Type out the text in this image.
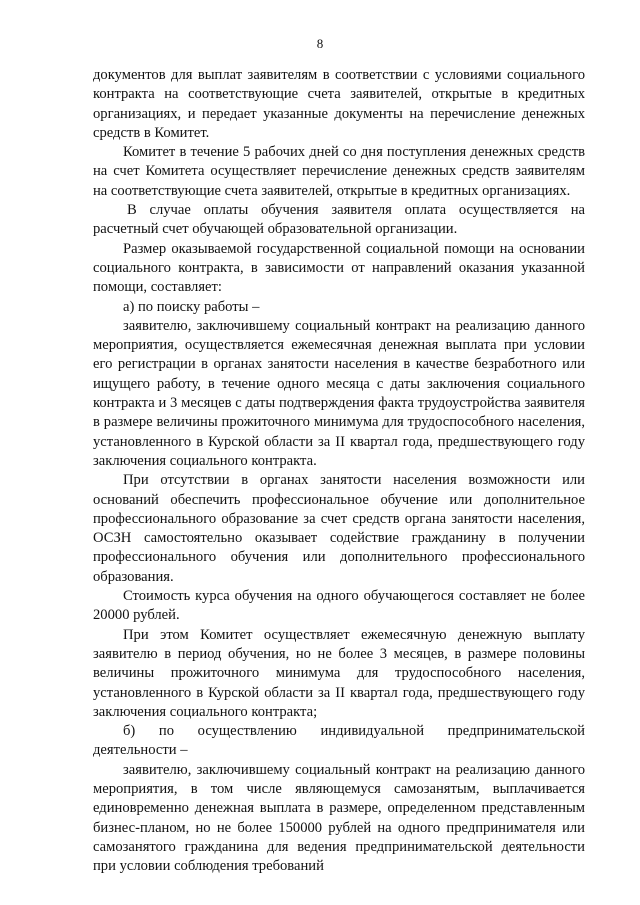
8

документов для выплат заявителям в соответствии с условиями социального контракта на соответствующие счета заявителей, открытые в кредитных организациях, и передает указанные документы на перечисление денежных средств в Комитет.

Комитет в течение 5 рабочих дней со дня поступления денежных средств на счет Комитета осуществляет перечисление денежных средств заявителям на соответствующие счета заявителей, открытые в кредитных организациях.

В случае оплаты обучения заявителя оплата осуществляется на расчетный счет обучающей образовательной организации.

Размер оказываемой государственной социальной помощи на основании социального контракта, в зависимости от направлений оказания указанной помощи, составляет:

а) по поиску работы –

заявителю, заключившему социальный контракт на реализацию данного мероприятия, осуществляется ежемесячная денежная выплата при условии его регистрации в органах занятости населения в качестве безработного или ищущего работу, в течение одного месяца с даты заключения социального контракта и 3 месяцев с даты подтверждения факта трудоустройства заявителя в размере величины прожиточного минимума для трудоспособного населения, установленного в Курской области за II квартал года, предшествующего году заключения социального контракта.

При отсутствии в органах занятости населения возможности или оснований обеспечить профессиональное обучение или дополнительное профессионального образование за счет средств органа занятости населения, ОСЗН самостоятельно оказывает содействие гражданину в получении профессионального обучения или дополнительного профессионального образования.

Стоимость курса обучения на одного обучающегося составляет не более 20000 рублей.

При этом Комитет осуществляет ежемесячную денежную выплату заявителю в период обучения, но не более 3 месяцев, в размере половины величины прожиточного минимума для трудоспособного населения, установленного в Курской области за II квартал года, предшествующего году заключения социального контракта;

б) по осуществлению индивидуальной предпринимательской деятельности –

заявителю, заключившему социальный контракт на реализацию данного мероприятия, в том числе являющемуся самозанятым, выплачивается единовременно денежная выплата в размере, определенном представленным бизнес-планом, но не более 150000 рублей на одного предпринимателя или самозанятого гражданина для ведения предпринимательской деятельности при условии соблюдения требований
